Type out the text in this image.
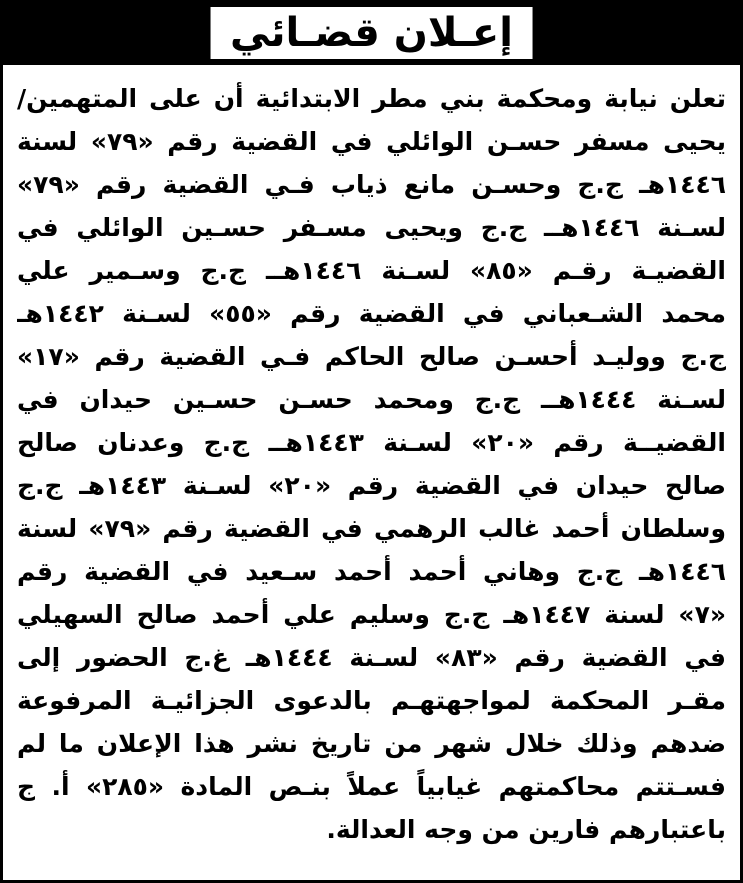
إعـلان قضـائي
تعلن نيابة ومحكمة بني مطر الابتدائية أن على المتهمين/
يحيى مسفر حسـن الوائلي في القضية رقم «٧٩» لسنة
١٤٤٦هـ ج.ج وحسـن مانع ذياب فـي القضية رقم «٧٩»
لسـنة ١٤٤٦هــ ج.ج ويحيى مسـفر حسـين الوائلي في
القضيـة رقـم «٨٥» لسـنة ١٤٤٦هــ ج.ج وسـمير علي
محمد الشـعباني في القضية رقم «٥٥» لسـنة ١٤٤٢هـ
ج.ج ووليـد أحسـن صالح الحاكم فـي القضية رقم «١٧»
لسـنة ١٤٤٤هــ ج.ج ومحمد حسـن حسـين حيدان في
القضيــة رقم «٢٠» لسـنة ١٤٤٣هــ ج.ج وعدنان صالح
صالح حيدان في القضية رقم «٢٠» لسـنة ١٤٤٣هـ ج.ج
وسلطان أحمد غالب الرهمي في القضية رقم «٧٩» لسنة
١٤٤٦هـ ج.ج وهاني أحمد أحمد سـعيد في القضية رقم
«٧» لسنة ١٤٤٧هـ ج.ج وسليم علي أحمد صالح السهيلي
في القضية رقم «٨٣» لسـنة ١٤٤٤هـ غ.ج الحضور إلى
مقـر المحكمة لمواجهتهـم بالدعوى الجزائيـة المرفوعة
ضدهم وذلك خلال شهر من تاريخ نشر هذا الإعلان ما لم
فسـتتم محاكمتهم غيابياً عملاً بنـص المادة «٢٨٥» أ. ج
باعتبارهم فارين من وجه العدالة.
